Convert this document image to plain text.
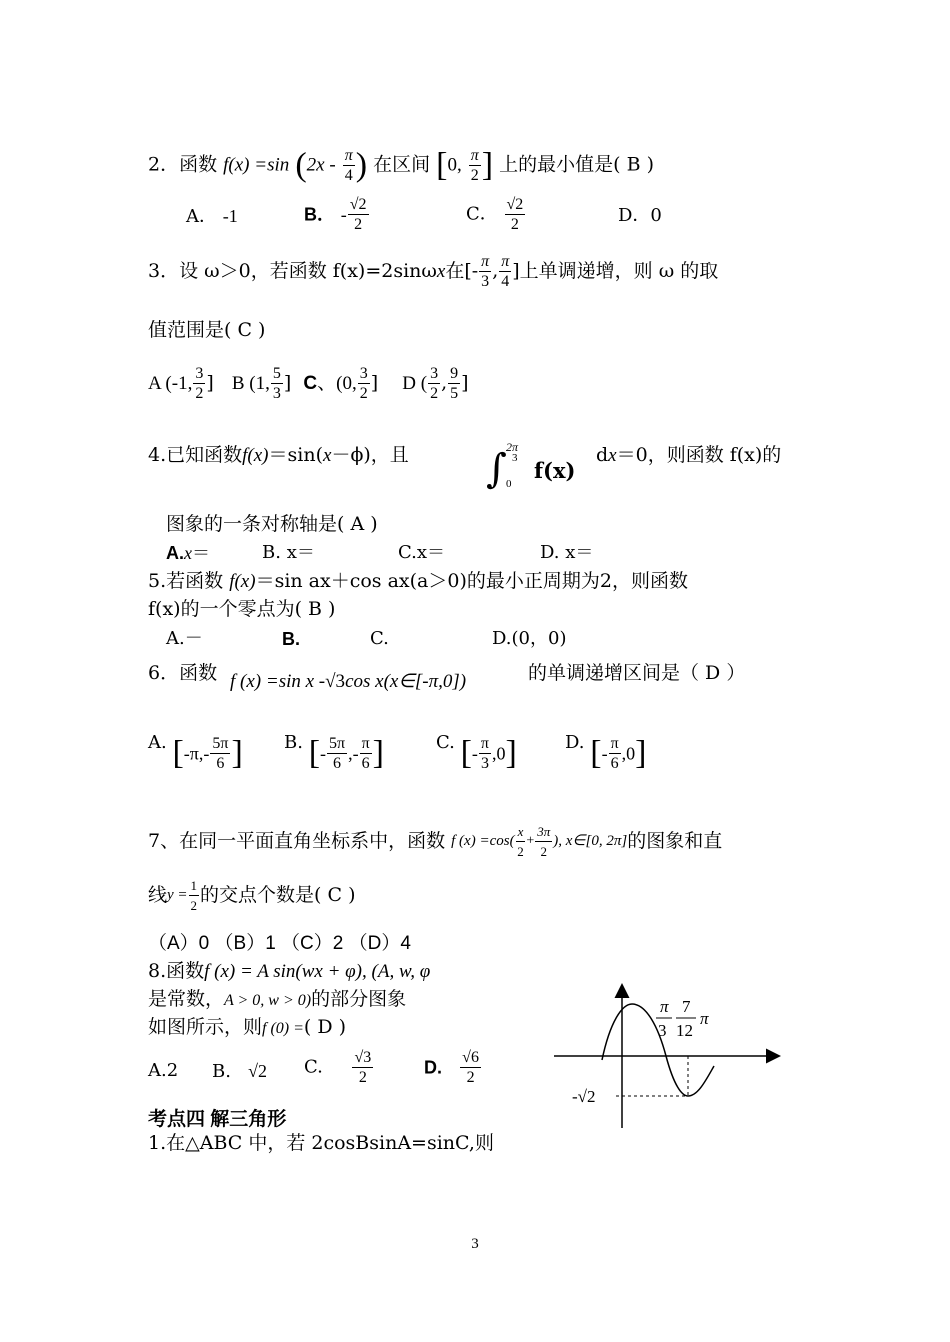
2．函数 f(x) =sin ($2x - \frac{\pi}{4}$ ) 在区间 [0, $\frac{\pi}{2}$ ] 上的最小值是( B )
A． -1	B． - $\frac{√2}{2}$	C． $\frac{√2}{2}$	D．0
3．设 ω＞0，若函数 f(x)=2sinωx在[- $\frac{\pi}{3}$ , $\frac{\pi}{4}$ ]上单调递增，则 ω 的取
值范围是( C )
A (-1, $\frac{3}{2}$ ] B (1, $\frac{5}{3}$ ] C、(0, $\frac{3}{2}$ ] D ( $\frac{3}{2}$ , $\frac{9}{5}$ ]
4.已知函数f(x)＝sin(x－ϕ)，且 ∫ 2π
3
0
f(x)
dx＝0，则函数 f(x)的
图象的一条对称轴是( A )
A.x＝	B. x＝	C.x＝	D. x＝
5.若函数 f(x)＝sin ax＋cos ax(a＞0)的最小正周期为2，则函数
f(x)的一个零点为( B )
A.－	B.	C.	D.(0，0)
6．函数 f (x) =sin x -√3cos x(x∈[-π,0])	的单调递增区间是（ D ）
A. [$-\pi,- \frac{5\pi}{6}$ ] B. [- $\frac{5\pi}{6}$ ,- $\frac{\pi}{6}$ ]	C. [- $\frac{\pi}{3} ,0$]	D. [- $\frac{\pi}{6} ,0$]
7、在同一平面直角坐标系中，函数 f $(x) =\cos( \frac{x}{2} + \frac{3\pi}{2}$ ), x∈[0, 2π]的图象和直
线$y = \frac{1}{2}$ 的交点个数是( C )
（A）0 （B）1 （C）2 （D）4
8.函数f (x) = A sin(wx + φ), (A, w, φ
是常数，A > 0, w > 0)的部分图象
如图所示，则f (0) =( D )
A.2 B. √2 C. $\frac{√3}{2}$	D. $\frac{√6}{2}$
π
3
7
12
π
-√2
考点四 解三角形
1.在△ABC 中，若 2cosBsinA=sinC,则
3
